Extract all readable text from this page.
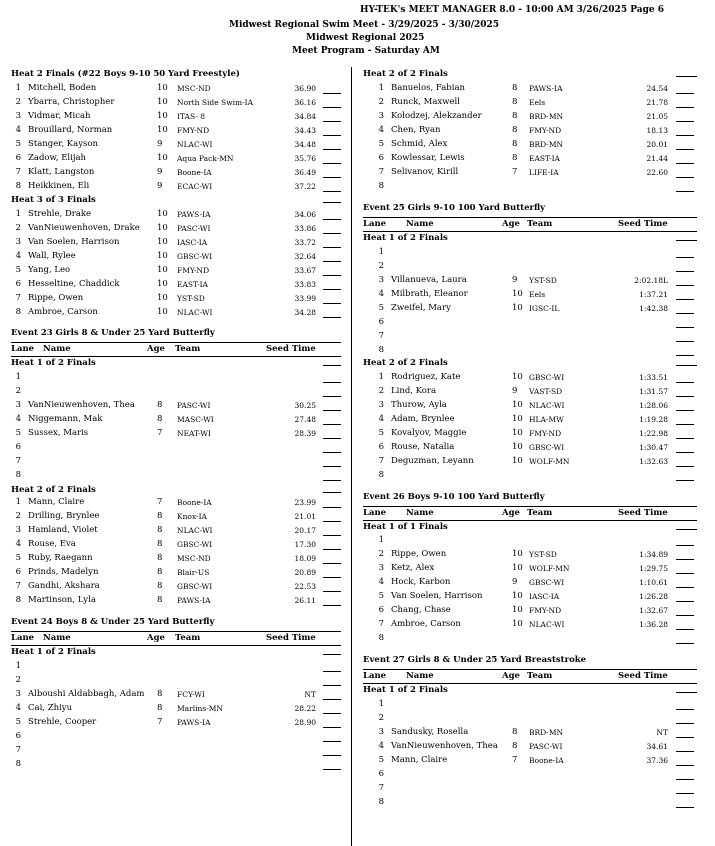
HY-TEK's MEET MANAGER 8.0 - 10:00 AM 3/26/2025 Page 6
Midwest Regional Swim Meet - 3/29/2025 - 3/30/2025
Midwest Regional 2025
Meet Program - Saturday AM
Heat 2 Finals (#22 Boys 9-10 50 Yard Freestyle)
1 Mitchell, Boden	10 MSC-ND	36.90
2 Ybarra, Christopher	10 North Side Swim-IA	36.16
3 Vidmar, Micah	10 ITAS- 8	34.84
4 Brouillard, Norman	10 FMY-ND	34.43
5 Stanger, Kayson	9 NLAC-WI	34.48
6 Zadow, Elijah	10 Aqua Pack-MN	35.76
7 Klatt, Langston	9 Boone-IA	36.49
8 Heikkinen, Eli	9 ECAC-WI	37.22
Heat 3 of 3 Finals
1 Strehle, Drake	10 PAWS-IA	34.06
2 VanNieuwenhoven, Drake 10 PASC-WI	33.86
3 Van Soelen, Harrison	10 IASC-IA	33.72
4 Wall, Rylee	10 GBSC-WI	32.64
5 Yang, Leo	10 FMY-ND	33.67
6 Hesseltine, Chaddick	10 EAST-IA	33.83
7 Rippe, Owen	10 YST-SD	33.99
8 Ambroe, Carson	10 NLAC-WI	34.28
Event 23 Girls 8 & Under 25 Yard Butterfly
Lane Name	Age Team	Seed Time
Heat 1 of 2 Finals
1
2
3 VanNieuwenhoven, Thea	8 PASC-WI	30.25
4 Niggemann, Mak	8 MASC-WI	27.48
5 Sussex, Maris	7 NEAT-WI	28.39
6
7
8
Heat 2 of 2 Finals
1 Mann, Claire	7 Boone-IA	23.99
2 Drilling, Brynlee	8 Knox-IA	21.01
3 Hamland, Violet	8 NLAC-WI	20.17
4 Rouse, Eva	8 GBSC-WI	17.30
5 Ruby, Raegann	8 MSC-ND	18.09
6 Prinds, Madelyn	8 Blair-US	20.89
7 Gandhi, Akshara	8 GBSC-WI	22.53
8 Martinson, Lyla	8 PAWS-IA	26.11
Event 24 Boys 8 & Under 25 Yard Butterfly
Lane Name	Age Team	Seed Time
Heat 1 of 2 Finals
1
2
3 Alboushi Aldabbagh, Adam 8 FCY-WI	NT
4 Cai, Zhiyu	8 Marlins-MN	28.22
5 Strehle, Cooper	7 PAWS-IA	28.90
6
7
8
Heat 2 of 2 Finals
1 Banuelos, Fabian	8 PAWS-IA	24.54
2 Runck, Maxwell	8 Eels	21.78
3 Kolodzej, Alekzander	8 BRD-MN	21.05
4 Chen, Ryan	8 FMY-ND	18.13
5 Schmid, Alex	8 BRD-MN	20.01
6 Kowlessar, Lewis	8 EAST-IA	21.44
7 Selivanov, Kirill	7 LIFE-IA	22.60
8
Event 25 Girls 9-10 100 Yard Butterfly
Lane Name	Age Team	Seed Time
Heat 1 of 2 Finals
1
2
3 Villanueva, Laura	9 YST-SD	2:02.18L
4 Milbrath, Eleanor	10 Eels	1:37.21
5 Zweifel, Mary	10 IGSC-IL	1:42.38
6
7
8
Heat 2 of 2 Finals
1 Rodriguez, Kate	10 GBSC-WI	1:33.51
2 Lind, Kora	9 VAST-SD	1:31.57
3 Thurow, Ayla	10 NLAC-WI	1:28.06
4 Adam, Brynlee	10 HLA-MW	1:19.28
5 Kovalyov, Maggie	10 FMY-ND	1:22.98
6 Rouse, Natalia	10 GBSC-WI	1:30.47
7 Deguzman, Leyann	10 WOLF-MN	1:32.63
8
Event 26 Boys 9-10 100 Yard Butterfly
Lane Name	Age Team	Seed Time
Heat 1 of 1 Finals
1
2 Rippe, Owen	10 YST-SD	1:34.89
3 Ketz, Alex	10 WOLF-MN	1:29.75
4 Hock, Karbon	9 GBSC-WI	1:10.61
5 Van Soelen, Harrison	10 IASC-IA	1:26.28
6 Chang, Chase	10 FMY-ND	1:32.67
7 Ambroe, Carson	10 NLAC-WI	1:36.28
8
Event 27 Girls 8 & Under 25 Yard Breaststroke
Lane Name	Age Team	Seed Time
Heat 1 of 2 Finals
1
2
3 Sandusky, Rosella	8 BRD-MN	NT
4 VanNieuwenhoven, Thea 8 PASC-WI	34.61
5 Mann, Claire	7 Boone-IA	37.36
6
7
8
